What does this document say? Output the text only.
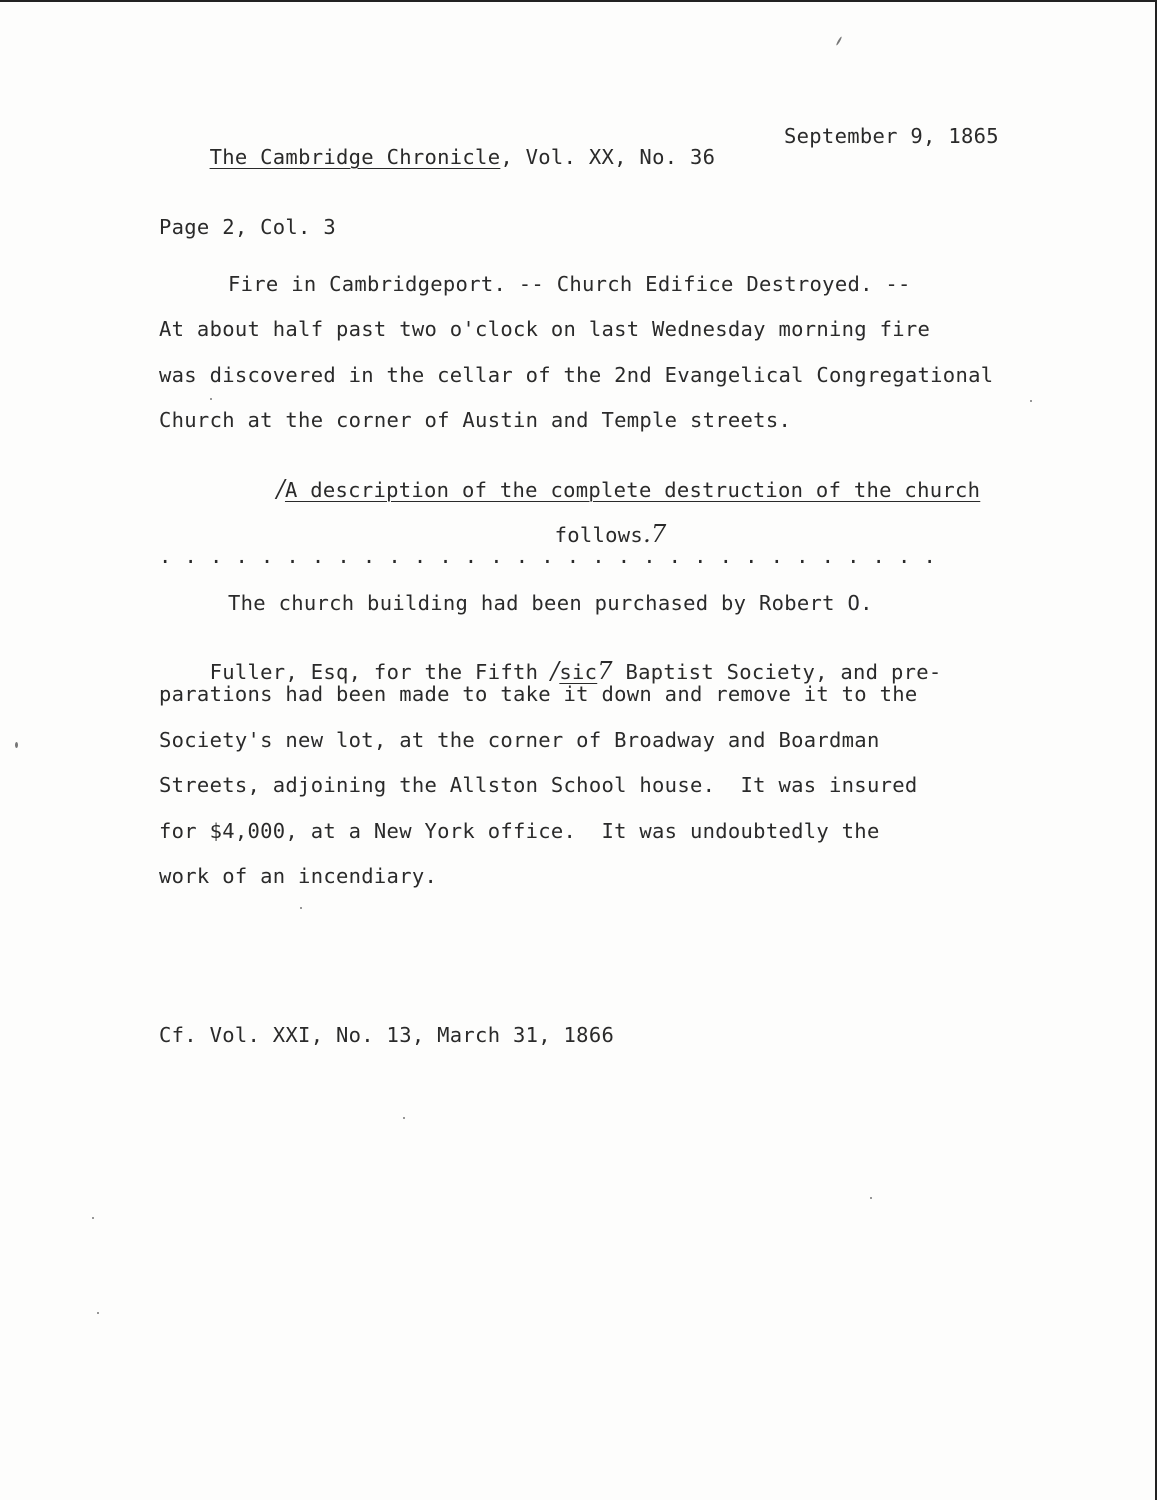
The Cambridge Chronicle, Vol. XX, No. 36

September 9, 1865
Page 2, Col. 3
Fire in Cambridgeport. -- Church Edifice Destroyed. --
At about half past two o'clock on last Wednesday morning fire
was discovered in the cellar of the 2nd Evangelical Congregational
Church at the corner of Austin and Temple streets.

/A description of the complete destruction of the church

follows.7

. . . . . . . . . . . . . . . . . . . . . . . . . . . . . . .
The church building had been purchased by Robert O.

Fuller, Esq, for the Fifth /sic7 Baptist Society, and pre-

parations had been made to take it down and remove it to the
Society's new lot, at the corner of Broadway and Boardman
Streets, adjoining the Allston School house.  It was insured
for $4,000, at a New York office.  It was undoubtedly the
work of an incendiary.
Cf. Vol. XXI, No. 13, March 31, 1866
